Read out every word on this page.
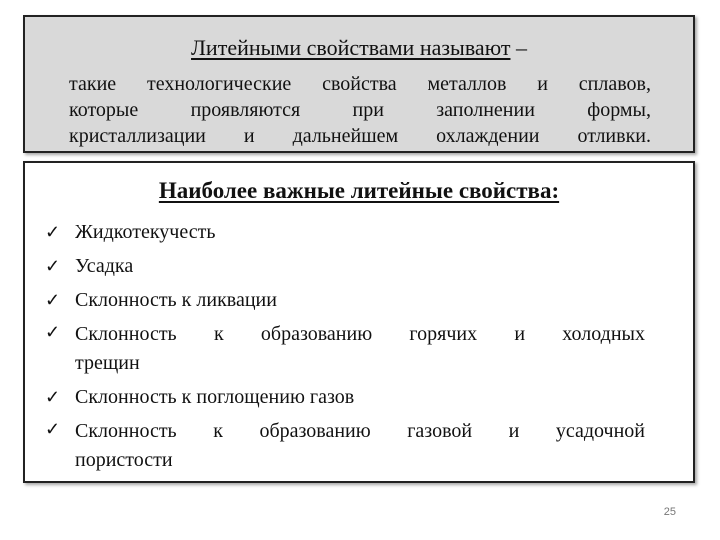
Литейными свойствами называют –
такие технологические свойства металлов и сплавов,
которые проявляются при заполнении формы,
кристаллизации и дальнейшем охлаждении отливки.
Наиболее важные литейные свойства:
✓ Жидкотекучесть
✓ Усадка
✓ Склонность к ликвации
✓ Склонность к образованию горячих и холодных
трещин
✓ Склонность к поглощению газов
✓ Склонность к образованию газовой и усадочной
пористости
25
